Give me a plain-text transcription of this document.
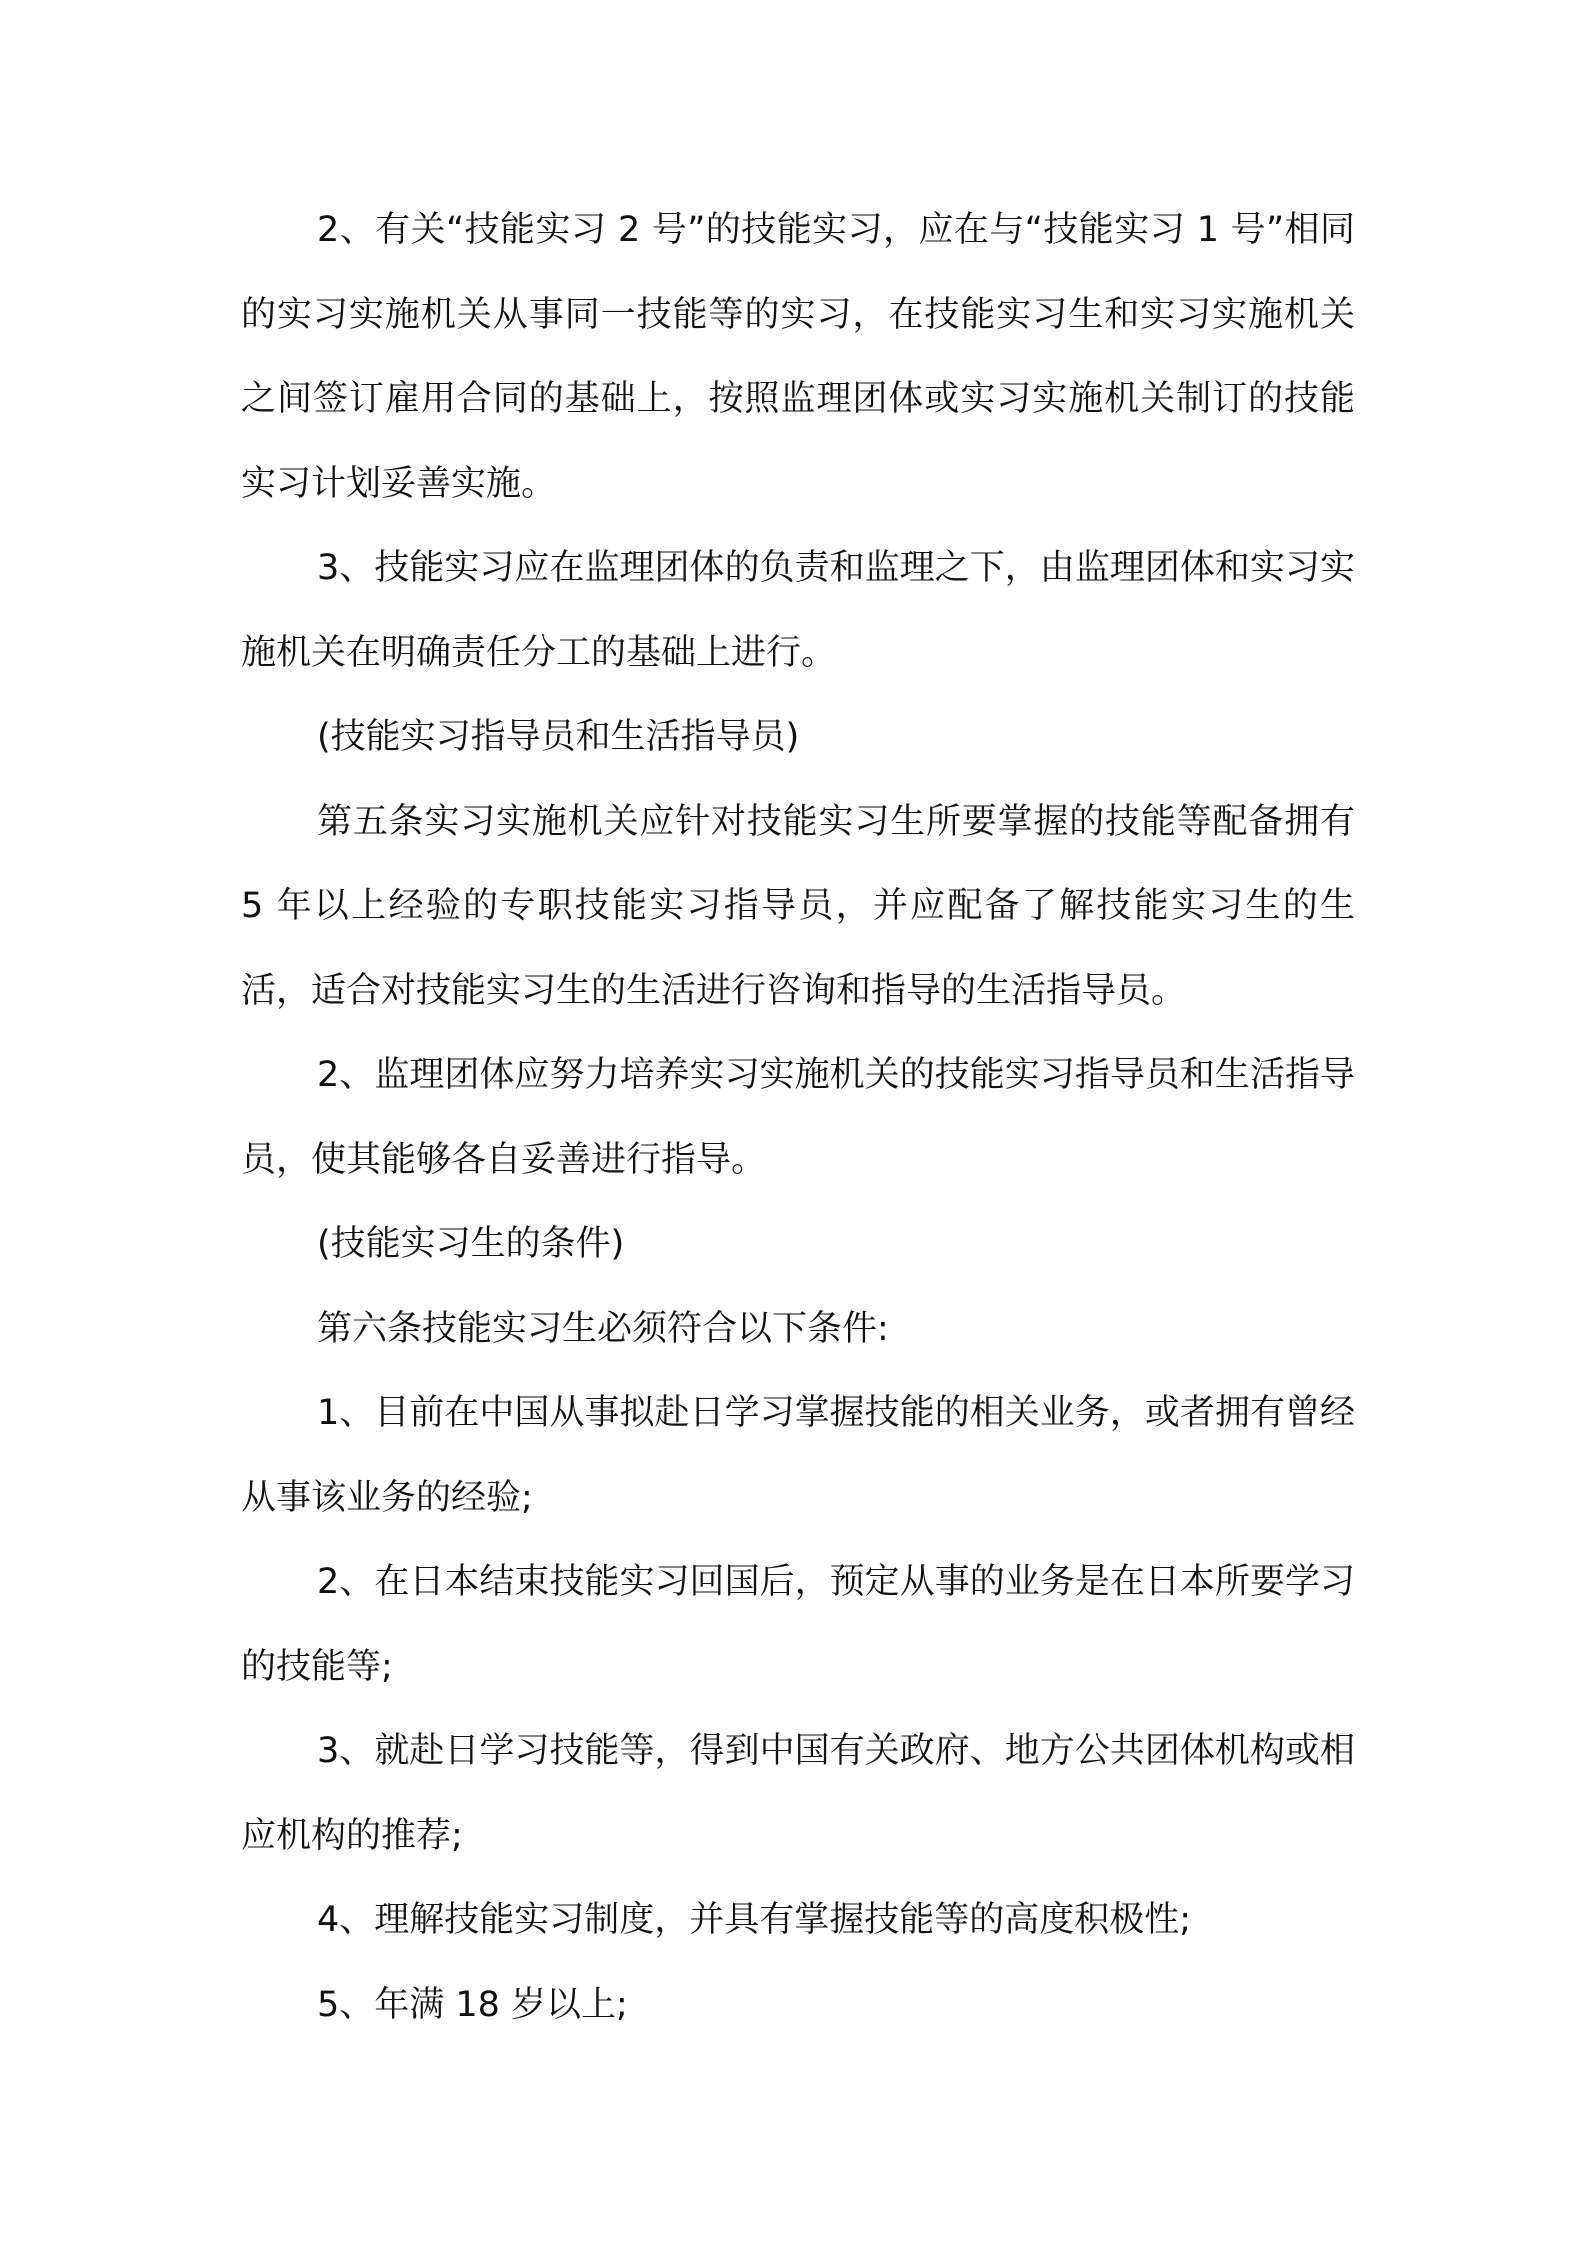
2、有关“技能实习 2 号”的技能实习，应在与“技能实习 1 号”相同的实习实施机关从事同一技能等的实习，在技能实习生和实习实施机关之间签订雇用合同的基础上，按照监理团体或实习实施机关制订的技能实习计划妥善实施。

3、技能实习应在监理团体的负责和监理之下，由监理团体和实习实施机关在明确责任分工的基础上进行。

(技能实习指导员和生活指导员)

第五条实习实施机关应针对技能实习生所要掌握的技能等配备拥有 5 年以上经验的专职技能实习指导员，并应配备了解技能实习生的生活，适合对技能实习生的生活进行咨询和指导的生活指导员。

2、监理团体应努力培养实习实施机关的技能实习指导员和生活指导员，使其能够各自妥善进行指导。

(技能实习生的条件)

第六条技能实习生必须符合以下条件:

1、目前在中国从事拟赴日学习掌握技能的相关业务，或者拥有曾经从事该业务的经验;

2、在日本结束技能实习回国后，预定从事的业务是在日本所要学习的技能等;

3、就赴日学习技能等，得到中国有关政府、地方公共团体机构或相应机构的推荐;

4、理解技能实习制度，并具有掌握技能等的高度积极性;

5、年满 18 岁以上;
